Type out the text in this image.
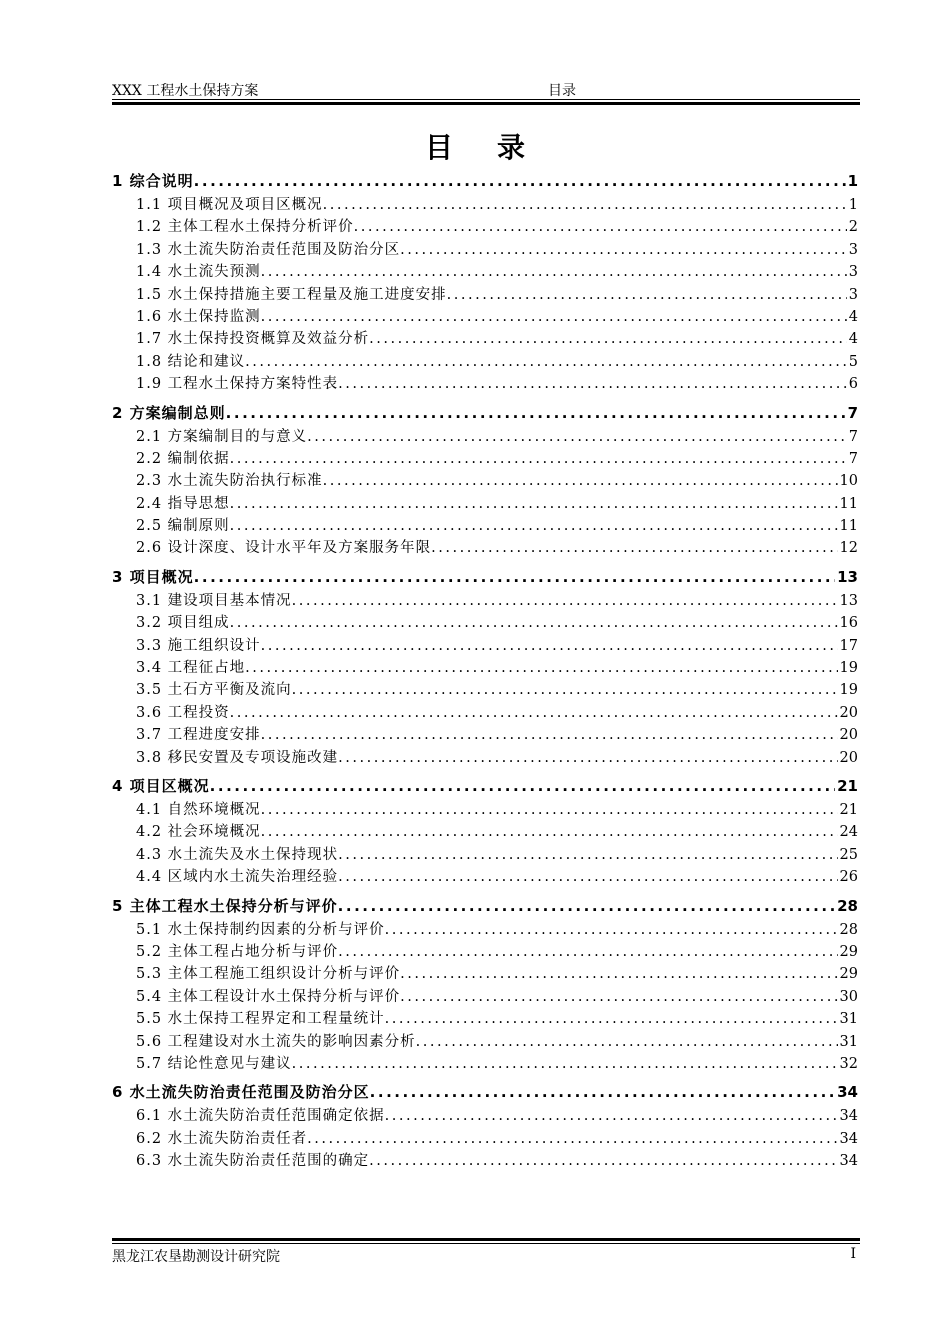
XXX 工程水土保持方案	目录
目 录
1 综合说明 .....	1
1.1 项目概况及项目区概况 .....	1
1.2 主体工程水土保持分析评价 .....	2
1.3 水土流失防治责任范围及防治分区 .....	3
1.4 水土流失预测 .....	3
1.5 水土保持措施主要工程量及施工进度安排 .....	3
1.6 水土保持监测 .....	4
1.7 水土保持投资概算及效益分析 .....	4
1.8 结论和建议 .....	5
1.9 工程水土保持方案特性表 .....	6
2 方案编制总则 .....	7
2.1 方案编制目的与意义 .....	7
2.2 编制依据 .....	7
2.3 水土流失防治执行标准 .....	10
2.4 指导思想 .....	11
2.5 编制原则 .....	11
2.6 设计深度、设计水平年及方案服务年限 .....	12
3 项目概况 .....	13
3.1 建设项目基本情况 .....	13
3.2 项目组成 .....	16
3.3 施工组织设计 .....	17
3.4 工程征占地 .....	19
3.5 土石方平衡及流向 .....	19
3.6 工程投资 .....	20
3.7 工程进度安排 .....	20
3.8 移民安置及专项设施改建 .....	20
4 项目区概况 .....	21
4.1 自然环境概况 .....	21
4.2 社会环境概况 .....	24
4.3 水土流失及水土保持现状 .....	25
4.4 区域内水土流失治理经验 .....	26
5 主体工程水土保持分析与评价 .....	28
5.1 水土保持制约因素的分析与评价 .....	28
5.2 主体工程占地分析与评价 .....	29
5.3 主体工程施工组织设计分析与评价 .....	29
5.4 主体工程设计水土保持分析与评价 .....	30
5.5 水土保持工程界定和工程量统计 .....	31
5.6 工程建设对水土流失的影响因素分析 .....	31
5.7 结论性意见与建议 .....	32
6 水土流失防治责任范围及防治分区 .....	34
6.1 水土流失防治责任范围确定依据 .....	34
6.2 水土流失防治责任者 .....	34
6.3 水土流失防治责任范围的确定 .....	34
黑龙江农垦勘测设计研究院	I
